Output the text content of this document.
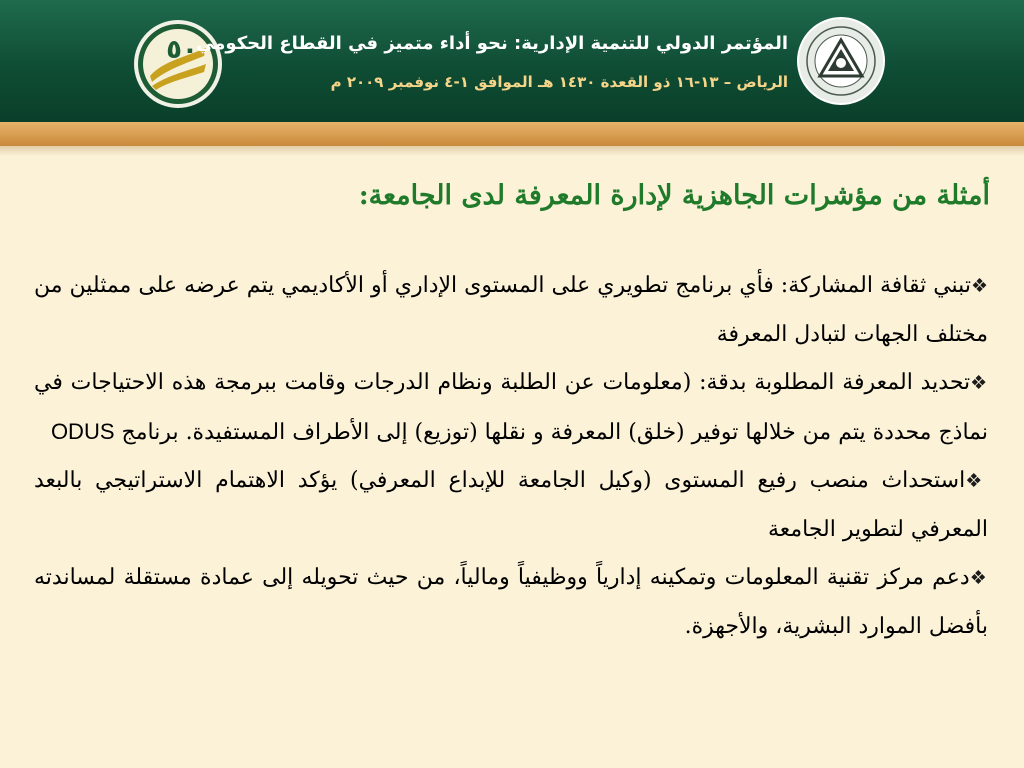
٥٠
المؤتمر الدولي للتنمية الإدارية: نحو أداء متميز في القطاع الحكومي
الرياض – ١٣-١٦ ذو القعدة ١٤٣٠ هـ الموافق ١-٤ نوفمبر ٢٠٠٩ م
أمثلة من مؤشرات الجاهزية لإدارة المعرفة لدى الجامعة:

❖تبني ثقافة المشاركة: فأي برنامج تطويري على المستوى الإداري أو الأكاديمي يتم عرضه على ممثلين من مختلف الجهات لتبادل المعرفة

❖تحديد المعرفة المطلوبة بدقة: (معلومات عن الطلبة ونظام الدرجات وقامت ببرمجة هذه الاحتياجات في نماذج محددة يتم من خلالها توفير (خلق) المعرفة و نقلها (توزيع) إلى الأطراف المستفيدة. برنامج ODUS

❖استحداث منصب رفيع المستوى (وكيل الجامعة للإبداع المعرفي) يؤكد الاهتمام الاستراتيجي بالبعد المعرفي لتطوير الجامعة

❖دعم مركز تقنية المعلومات وتمكينه إدارياً ووظيفياً ومالياً، من حيث تحويله إلى عمادة مستقلة لمساندته بأفضل الموارد البشرية، والأجهزة.
